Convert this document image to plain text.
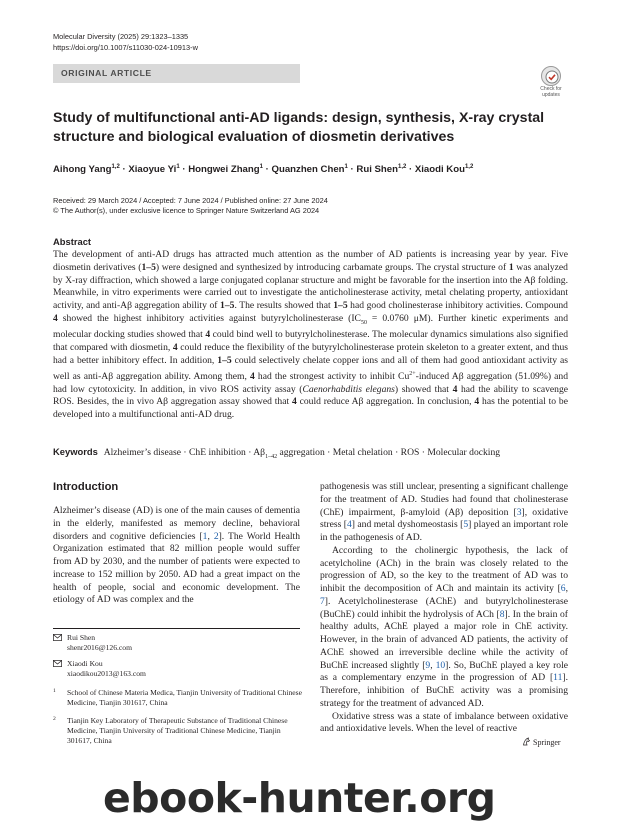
Molecular Diversity (2025) 29:1323–1335
https://doi.org/10.1007/s11030-024-10913-w
ORIGINAL ARTICLE
Check for
updates
Study of multifunctional anti-AD ligands: design, synthesis, X-ray crystal structure and biological evaluation of diosmetin derivatives
Aihong Yang$^{1,2}$ · Xiaoyue $Yi^1$ · Hongwei Zhang$^1$ · Quanzhen Chen$^1$ · Rui Shen$^{1,2}$ · Xiaodi Kou$^{1,2}$
Received: 29 March 2024 / Accepted: 7 June 2024 / Published online: 27 June 2024
© The Author(s), under exclusive licence to Springer Nature Switzerland AG 2024
Abstract
The development of anti-AD drugs has attracted much attention as the number of AD patients is increasing year by year. Five diosmetin derivatives (1–5) were designed and synthesized by introducing carbamate groups. The crystal structure of 1 was analyzed by X-ray diffraction, which showed a large conjugated coplanar structure and might be favorable for the insertion into the Aβ folding. Meanwhile, in vitro experiments were carried out to investigate the anticholinesterase activity, metal chelating property, antioxidant activity, and anti-Aβ aggregation ability of 1–5. The results showed that 1–5 had good cholinesterase inhibitory activities. Compound 4 showed the highest inhibitory activities against butyrylcholinesterase ($IC_{50} = 0.0760$ μM). Further kinetic experiments and molecular docking studies showed that 4 could bind well to butyrylcholinesterase. The molecular dynamics simulations also signified that compared with diosmetin, 4 could reduce the flexibility of the butyrylcholinesterase protein skeleton to a greater extent, and thus had a better inhibitory effect. In addition, 1–5 could selectively chelate copper ions and all of them had good antioxidant activity as well as anti-Aβ aggregation ability. Among them, 4 had the strongest activity to inhibit $Cu^{2+}$-induced Aβ aggregation (51.09%) and had low cytotoxicity. In addition, in vivo ROS activity assay (Caenorhabditis elegans) showed that 4 had the ability to scavenge ROS. Besides, the in vivo Aβ aggregation assay showed that 4 could reduce Aβ aggregation. In conclusion, 4 has the potential to be developed into a multifunctional anti-AD drug.
Keywords Alzheimer’s disease · ChE inhibition · $A\beta_{1-42}$ aggregation · Metal chelation · ROS · Molecular docking
Introduction
Alzheimer’s disease (AD) is one of the main causes of dementia in the elderly, manifested as memory decline, behavioral disorders and cognitive deficiencies [1, 2]. The World Health Organization estimated that 82 million people would suffer from AD by 2030, and the number of patients were expected to increase to 152 million by 2050. AD had a great impact on the health of people, social and economic development. The etiology of AD was complex and the

pathogenesis was still unclear, presenting a significant challenge for the treatment of AD. Studies had found that cholinesterase (ChE) impairment, β-amyloid (Aβ) deposition [3], oxidative stress [4] and metal dyshomeostasis [5] played an important role in the pathogenesis of AD.

According to the cholinergic hypothesis, the lack of acetylcholine (ACh) in the brain was closely related to the progression of AD, so the key to the treatment of AD was to inhibit the decomposition of ACh and maintain its activity [6, 7]. Acetylcholinesterase (AChE) and butyrylcholinesterase (BuChE) could inhibit the hydrolysis of ACh [8]. In the brain of healthy adults, AChE played a major role in ChE activity. However, in the brain of advanced AD patients, the activity of AChE showed an irreversible decline while the activity of BuChE increased slightly [9, 10]. So, BuChE played a key role as a complementary enzyme in the progression of AD [11]. Therefore, inhibition of BuChE activity was a promising strategy for the treatment of advanced AD.

Oxidative stress was a state of imbalance between oxidative and antioxidative levels. When the level of reactive

Rui Shen
shenr2016@126.com
Xiaodi Kou
xiaodikou2013@163.com
1 School of Chinese Materia Medica, Tianjin University of Traditional Chinese Medicine, Tianjin 301617, China
2 Tianjin Key Laboratory of Therapeutic Substance of Traditional Chinese Medicine, Tianjin University of Traditional Chinese Medicine, Tianjin 301617, China	Springer
ebook-hunter.org
